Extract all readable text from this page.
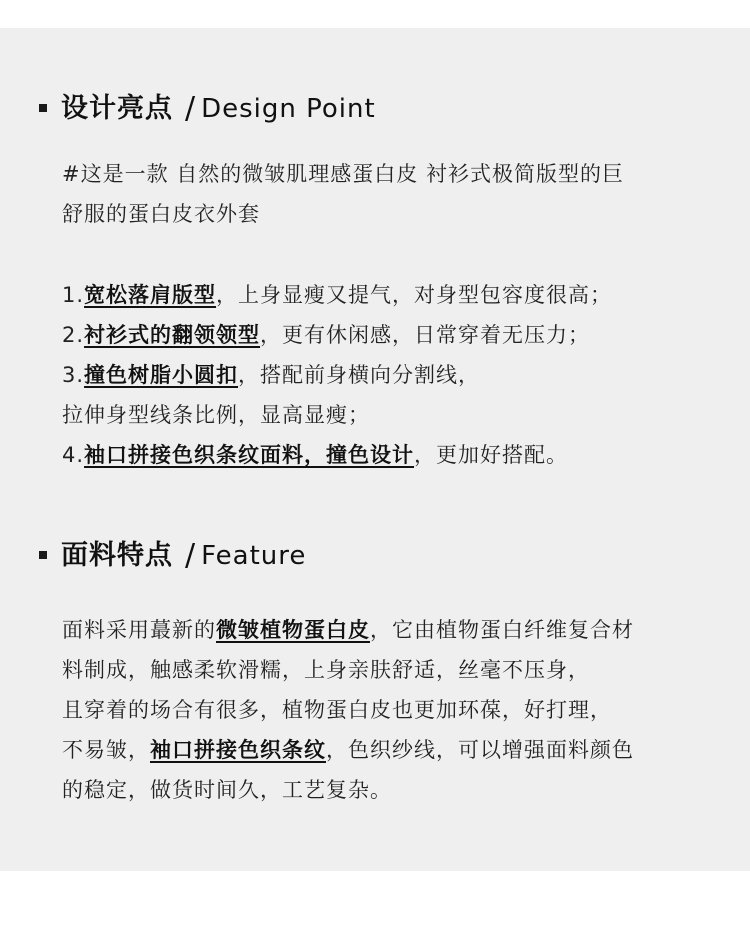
设计亮点 / Design Point
#这是一款 自然的微皱肌理感蛋白皮 衬衫式极简版型的巨
舒服的蛋白皮衣外套
1.宽松落肩版型，上身显瘦又提气，对身型包容度很高；
2.衬衫式的翻领领型，更有休闲感，日常穿着无压力；
3.撞色树脂小圆扣，搭配前身横向分割线，
拉伸身型线条比例，显高显瘦；
4.袖口拼接色织条纹面料，撞色设计，更加好搭配。
面料特点 / Feature
面料采用蕞新的微皱植物蛋白皮，它由植物蛋白纤维复合材
料制成，触感柔软滑糯，上身亲肤舒适，丝毫不压身，
且穿着的场合有很多，植物蛋白皮也更加环葆，好打理，
不易皱，袖口拼接色织条纹，色织纱线，可以增强面料颜色
的稳定，做货时间久，工艺复杂。
